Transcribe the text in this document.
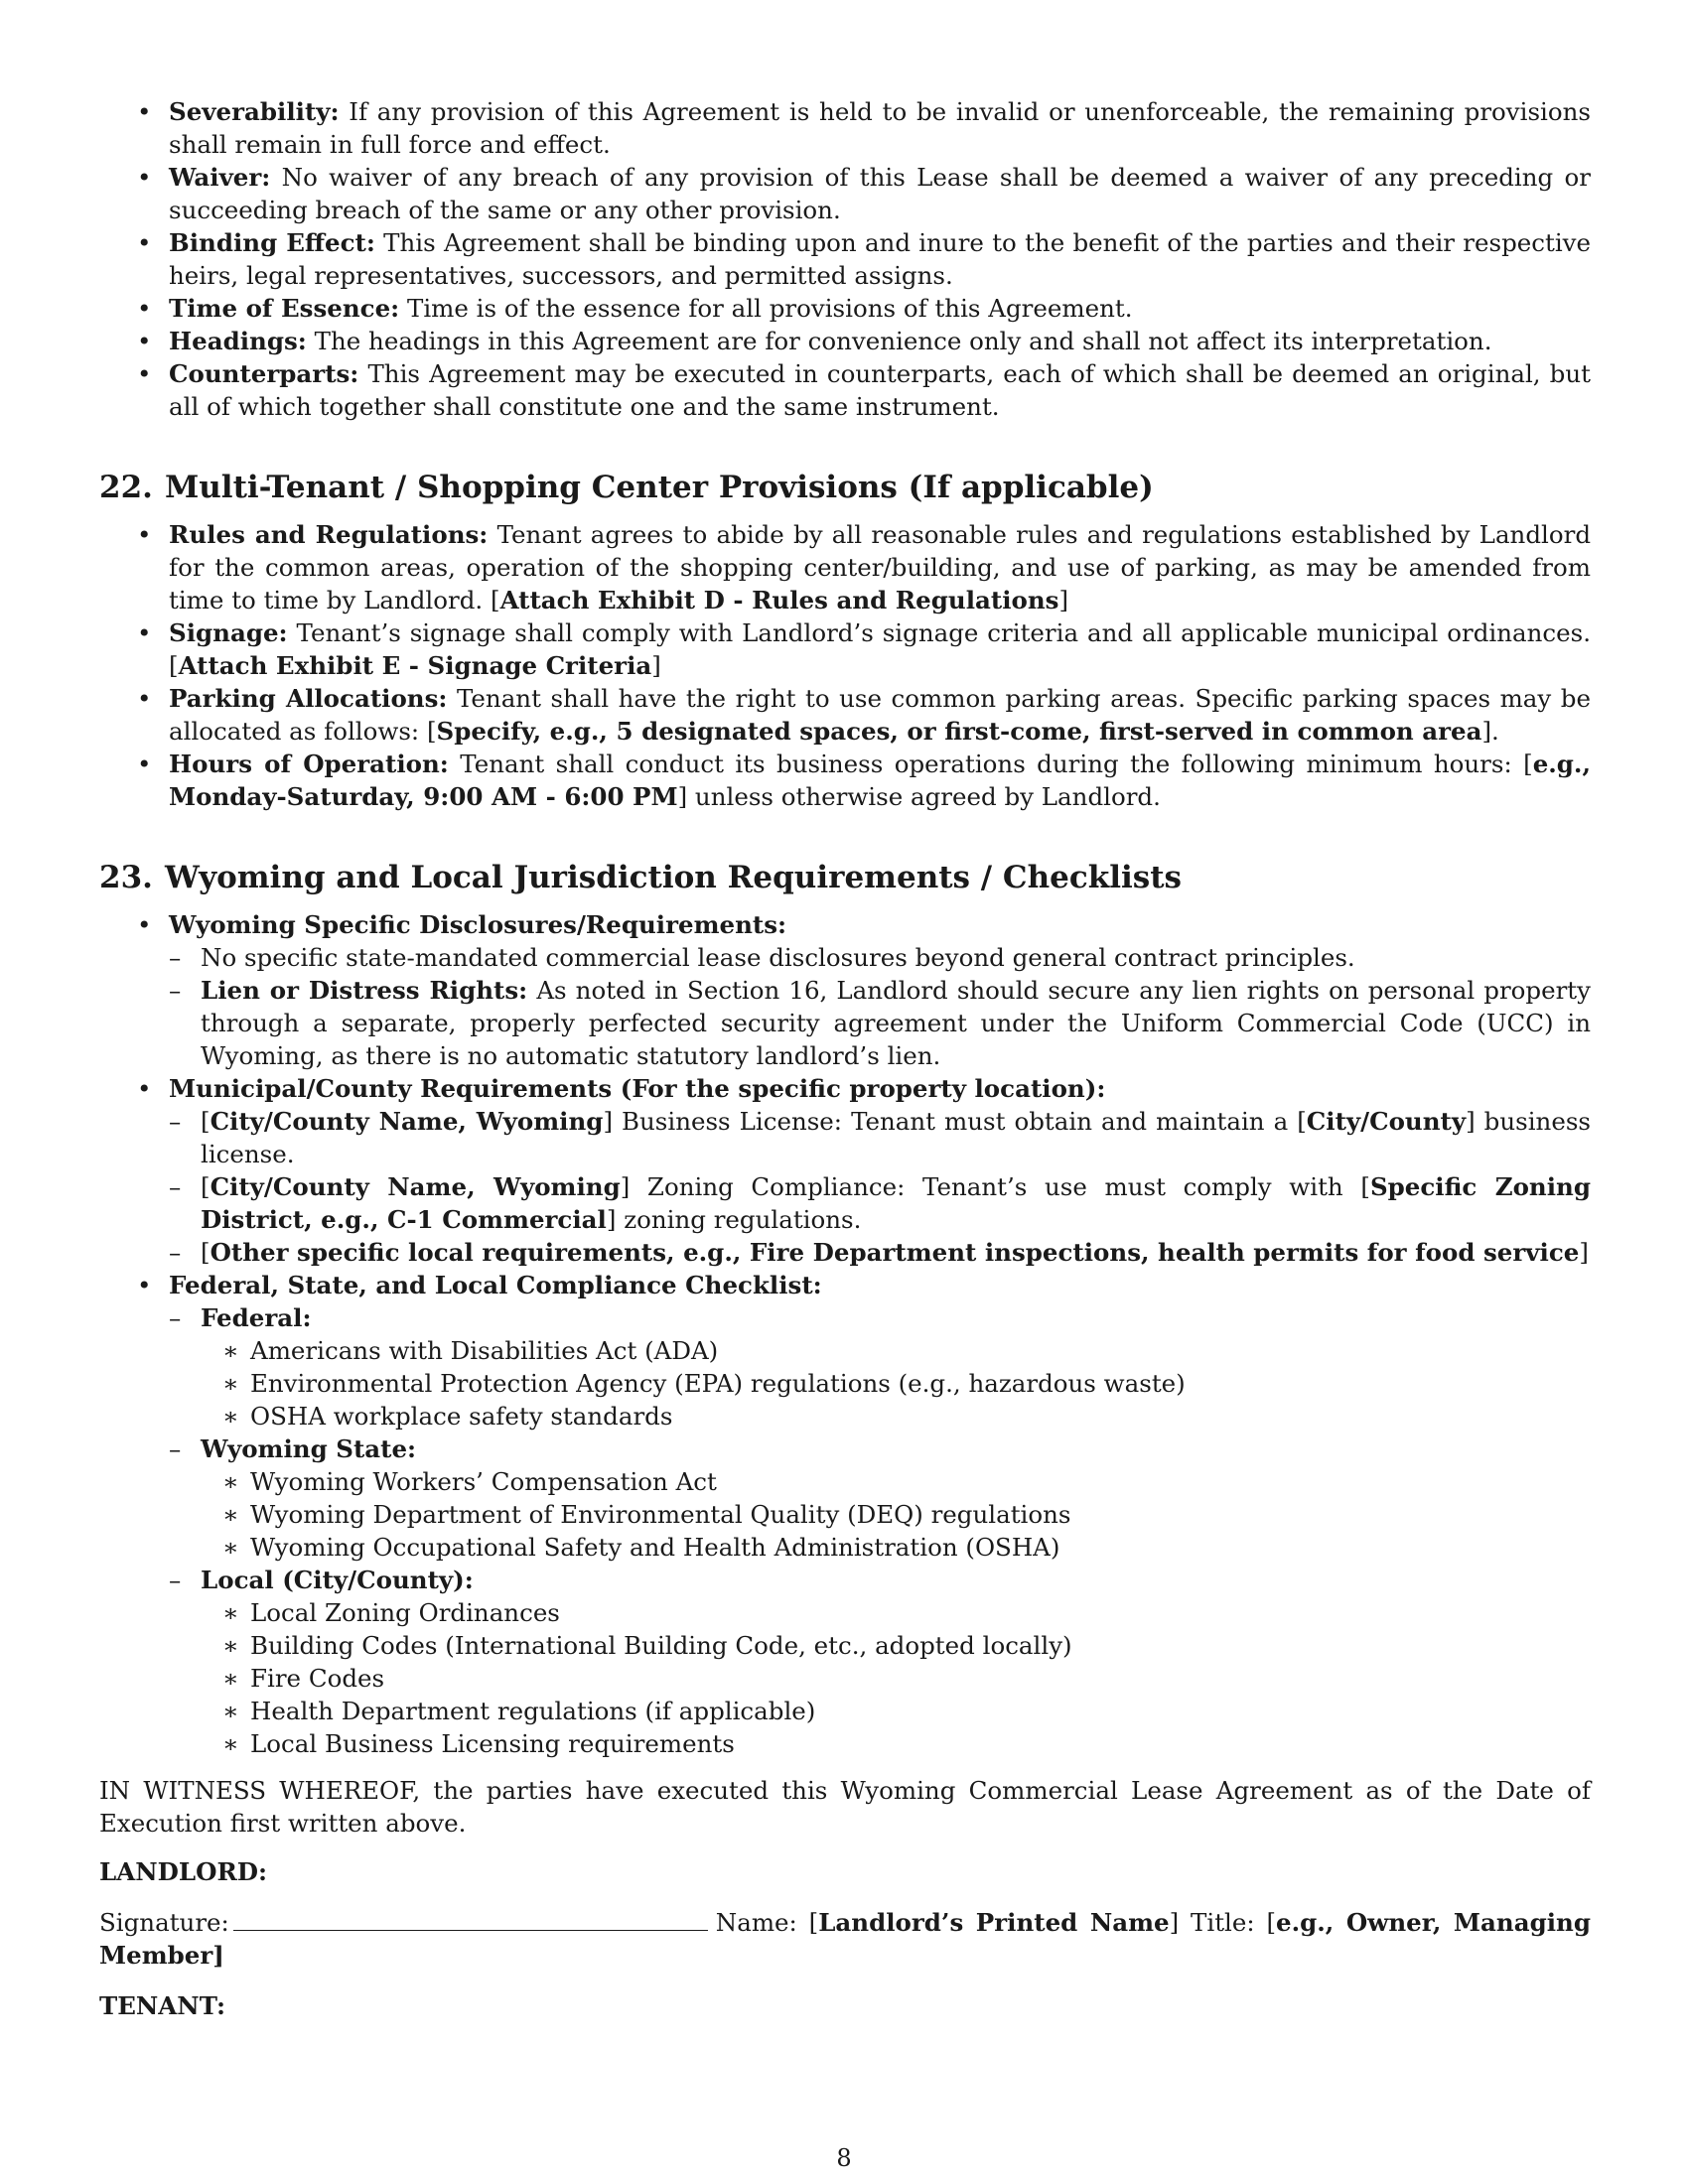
• Severability: If any provision of this Agreement is held to be invalid or unenforceable, the remaining provisions shall remain in full force and effect.
• Waiver: No waiver of any breach of any provision of this Lease shall be deemed a waiver of any preceding or succeeding breach of the same or any other provision.
• Binding Effect: This Agreement shall be binding upon and inure to the benefit of the parties and their respective heirs, legal representatives, successors, and permitted assigns.
• Time of Essence: Time is of the essence for all provisions of this Agreement.
• Headings: The headings in this Agreement are for convenience only and shall not affect its interpretation.
• Counterparts: This Agreement may be executed in counterparts, each of which shall be deemed an original, but all of which together shall constitute one and the same instrument.
22. Multi-Tenant / Shopping Center Provisions (If applicable)
• Rules and Regulations: Tenant agrees to abide by all reasonable rules and regulations established by Landlord for the common areas, operation of the shopping center/building, and use of parking, as may be amended from time to time by Landlord. [Attach Exhibit D - Rules and Regulations]
• Signage: Tenant’s signage shall comply with Landlord’s signage criteria and all applicable municipal ordinances. [Attach Exhibit E - Signage Criteria]
• Parking Allocations: Tenant shall have the right to use common parking areas. Specific parking spaces may be allocated as follows: [Specify, e.g., 5 designated spaces, or first-come, first-served in common area].
• Hours of Operation: Tenant shall conduct its business operations during the following minimum hours: [e.g., Monday-Saturday, 9:00 AM - 6:00 PM] unless otherwise agreed by Landlord.
23. Wyoming and Local Jurisdiction Requirements / Checklists
• Wyoming Specific Disclosures/Requirements:
– No specific state-mandated commercial lease disclosures beyond general contract principles.
– Lien or Distress Rights: As noted in Section 16, Landlord should secure any lien rights on personal property through a separate, properly perfected security agreement under the Uniform Commercial Code (UCC) in Wyoming, as there is no automatic statutory landlord’s lien.
• Municipal/County Requirements (For the specific property location):
– [City/County Name, Wyoming] Business License: Tenant must obtain and maintain a [City/County] business license.
– [City/County Name, Wyoming] Zoning Compliance: Tenant’s use must comply with [Specific Zoning District, e.g., C-1 Commercial] zoning regulations.
– [Other specific local requirements, e.g., Fire Department inspections, health permits for food service]
• Federal, State, and Local Compliance Checklist:
– Federal:
∗ Americans with Disabilities Act (ADA)
∗ Environmental Protection Agency (EPA) regulations (e.g., hazardous waste)
∗ OSHA workplace safety standards
– Wyoming State:
∗ Wyoming Workers’ Compensation Act
∗ Wyoming Department of Environmental Quality (DEQ) regulations
∗ Wyoming Occupational Safety and Health Administration (OSHA)
– Local (City/County):
∗ Local Zoning Ordinances
∗ Building Codes (International Building Code, etc., adopted locally)
∗ Fire Codes
∗ Health Department regulations (if applicable)
∗ Local Business Licensing requirements

IN WITNESS WHEREOF, the parties have executed this Wyoming Commercial Lease Agreement as of the Date of Execution first written above.

LANDLORD:

Signature:	Name: [Landlord’s Printed Name] Title: [e.g., Owner, Managing Member]

TENANT:
8
